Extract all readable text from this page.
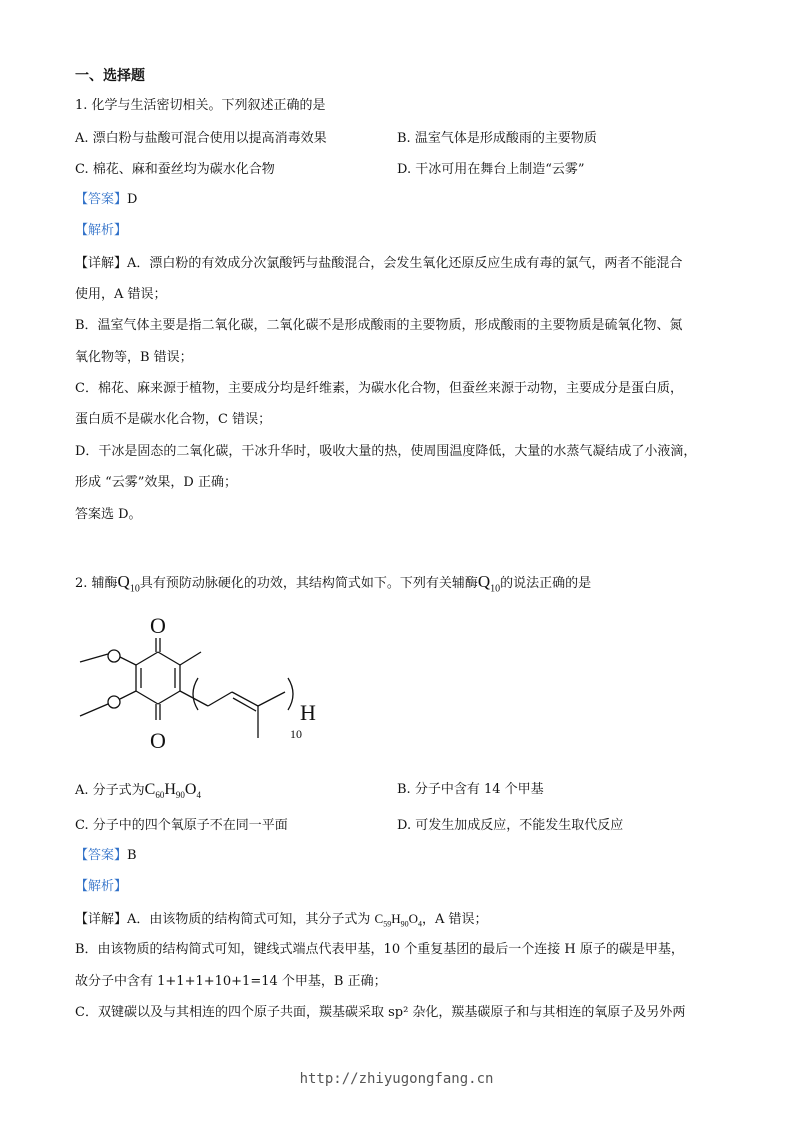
一、选择题
1. 化学与生活密切相关。下列叙述正确的是
A. 漂白粉与盐酸可混合使用以提高消毒效果	B. 温室气体是形成酸雨的主要物质
C. 棉花、麻和蚕丝均为碳水化合物	D. 干冰可用在舞台上制造“云雾”
【答案】D
【解析】
【详解】A．漂白粉的有效成分次氯酸钙与盐酸混合，会发生氧化还原反应生成有毒的氯气，两者不能混合
使用，A 错误；
B．温室气体主要是指二氧化碳，二氧化碳不是形成酸雨的主要物质，形成酸雨的主要物质是硫氧化物、氮
氧化物等，B 错误；
C．棉花、麻来源于植物，主要成分均是纤维素，为碳水化合物，但蚕丝来源于动物，主要成分是蛋白质，
蛋白质不是碳水化合物，C 错误；
D．干冰是固态的二氧化碳，干冰升华时，吸收大量的热，使周围温度降低，大量的水蒸气凝结成了小液滴，
形成 “云雾”效果，D 正确；
答案选 D。
2. 辅酶$Q_{10}$具有预防动脉硬化的功效，其结构简式如下。下列有关辅酶$Q_{10}$的说法正确的是
O
O
H
10
A. 分子式为$C_{60}H_{90}O_4$	B. 分子中含有 14 个甲基
C. 分子中的四个氧原子不在同一平面	D. 可发生加成反应，不能发生取代反应
【答案】B
【解析】
【详解】A．由该物质的结构简式可知，其分子式为 $C_{59}H_{90}O_4$，A 错误；
B．由该物质的结构简式可知，键线式端点代表甲基，10 个重复基团的最后一个连接 H 原子的碳是甲基，
故分子中含有 1+1+1+10+1=14 个甲基，B 正确；
C．双键碳以及与其相连的四个原子共面，羰基碳采取 sp² 杂化，羰基碳原子和与其相连的氧原子及另外两
http://zhiyugongfang.cn
